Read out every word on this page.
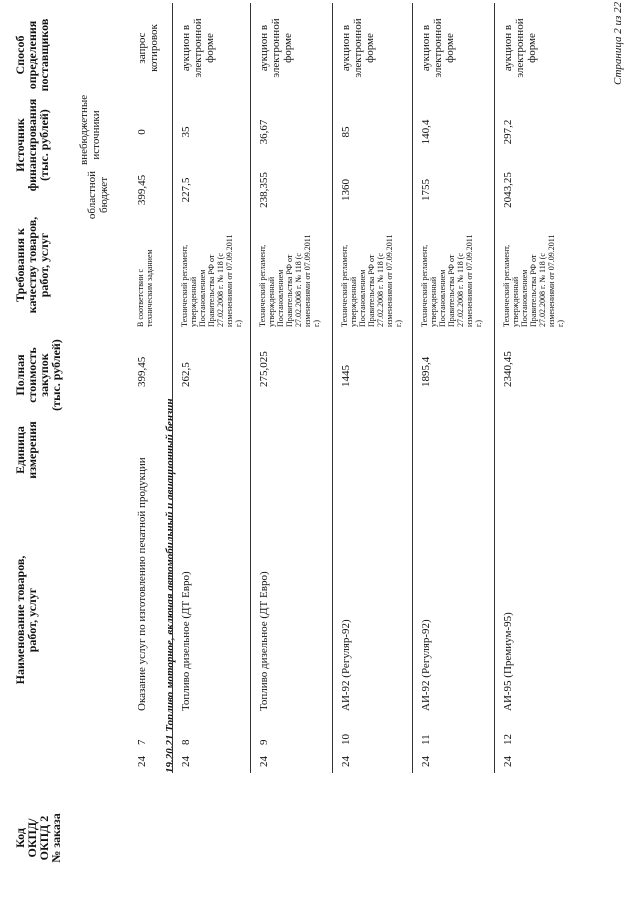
Код
ОКПД/
ОКПД 2
№ заказа
Наименование товаров,
работ, услуг
Единица
измерения
Полная
стоимость
закупок
(тыс. рублей)
Требования к
качеству товаров,
работ, услуг
Источник
финансирования
(тыс. рублей)
Способ
определения
поставщиков
областной бюджет
внебюджетные источники
19.20.21 Топливо моторное, включая автомобильный и авиационный бензин
24
7
Оказание услуг по изготовлению печатной продукции
399,45
В соответствии с техническим заданием
399,45
0
запрос котировок
24
8
Топливо дизельное (ДТ Евро)
262,5
Технический регламент, утвержденный Постановлением Правительства РФ от 27.02.2008 г. № 118 (с изменениями от 07.09.2011 г.)
227,5
35
аукцион в электронной форме
24
9
Топливо дизельное (ДТ Евро)
275,025
Технический регламент, утвержденный Постановлением Правительства РФ от 27.02.2008 г. № 118 (с изменениями от 07.09.2011 г.)
238,355
36,67
аукцион в электронной форме
24
10
АИ-92 (Регуляр-92)
1445
Технический регламент, утвержденный Постановлением Правительства РФ от 27.02.2008 г. № 118 (с изменениями от 07.09.2011 г.)
1360
85
аукцион в электронной форме
24
11
АИ-92 (Регуляр-92)
1895,4
Технический регламент, утвержденный Постановлением Правительства РФ от 27.02.2008 г. № 118 (с изменениями от 07.09.2011 г.)
1755
140,4
аукцион в электронной форме
24
12
АИ-95 (Премиум-95)
2340,45
Технический регламент, утвержденный Постановлением Правительства РФ от 27.02.2008 г. № 118 (с изменениями от 07.09.2011 г.)
2043,25
297,2
аукцион в электронной форме	Страница 2 из 22
